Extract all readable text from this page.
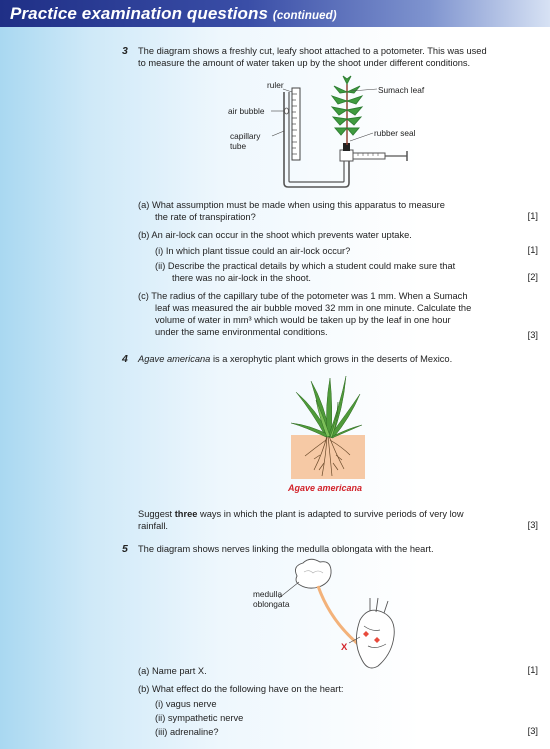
Practice examination questions (continued)
3 The diagram shows a freshly cut, leafy shoot attached to a potometer. This was used
to measure the amount of water taken up by the shoot under different conditions.
ruler
air bubble
capillary
tube
Sumach leaf
rubber seal
(a) What assumption must be made when using this apparatus to measure
the rate of transpiration?	[1]
(b) An air-lock can occur in the shoot which prevents water uptake.
(i) In which plant tissue could an air-lock occur?	[1]
(ii) Describe the practical details by which a student could make sure that
there was no air-lock in the shoot.	[2]
(c) The radius of the capillary tube of the potometer was 1 mm. When a Sumach
leaf was measured the air bubble moved 32 mm in one minute. Calculate the
volume of water in mm³ which would be taken up by the leaf in one hour
under the same environmental conditions.	[3]
4 Agave americana is a xerophytic plant which grows in the deserts of Mexico.
Agave americana
Suggest three ways in which the plant is adapted to survive periods of very low
rainfall.	[3]
5 The diagram shows nerves linking the medulla oblongata with the heart.
medulla
oblongata
X
(a) Name part X.	[1]
(b) What effect do the following have on the heart:
(i) vagus nerve
(ii) sympathetic nerve
(iii) adrenaline?	[3]
